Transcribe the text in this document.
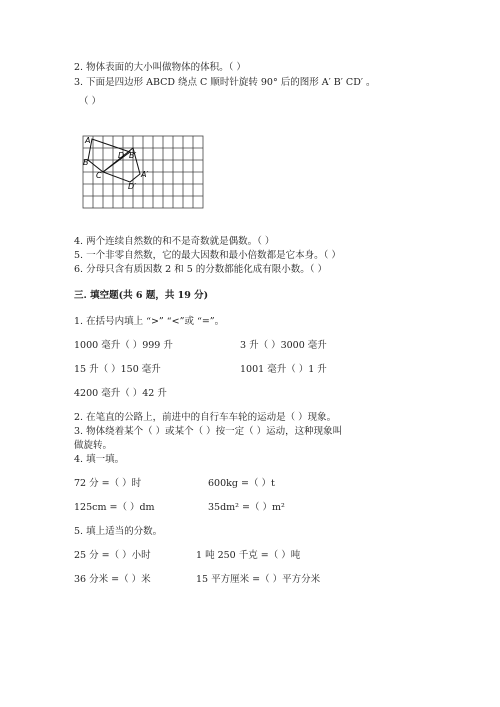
2. 物体表面的大小叫做物体的体积。（ ）
3. 下面是四边形 ABCD 绕点 C 顺时针旋转 90° 后的图形 A′ B′ CD′ 。
（ ）
A
B
C
D B′
A′
D′
4. 两个连续自然数的和不是奇数就是偶数。（ ）
5. 一个非零自然数，它的最大因数和最小倍数都是它本身。（ ）
6. 分母只含有质因数 2 和 5 的分数都能化成有限小数。（ ）
三. 填空题(共 6 题，共 19 分)
1. 在括号内填上 “>” “<”或 “=”。
1000 毫升（ ）999 升	3 升（ ）3000 毫升
15 升（ ）150 毫升	1001 毫升（ ）1 升
4200 毫升（ ）42 升
2. 在笔直的公路上，前进中的自行车车轮的运动是（ ）现象。
3. 物体绕着某个（ ）或某个（ ）按一定（ ）运动，这种现象叫
做旋转。
4. 填一填。
72 分 =（ ）时	600kg =（ ）t
125cm =（ ）dm	35dm² =（ ）m²
5. 填上适当的分数。
25 分 =（ ）小时	1 吨 250 千克 =（ ）吨
36 分米 =（ ）米	15 平方厘米 =（ ）平方分米
